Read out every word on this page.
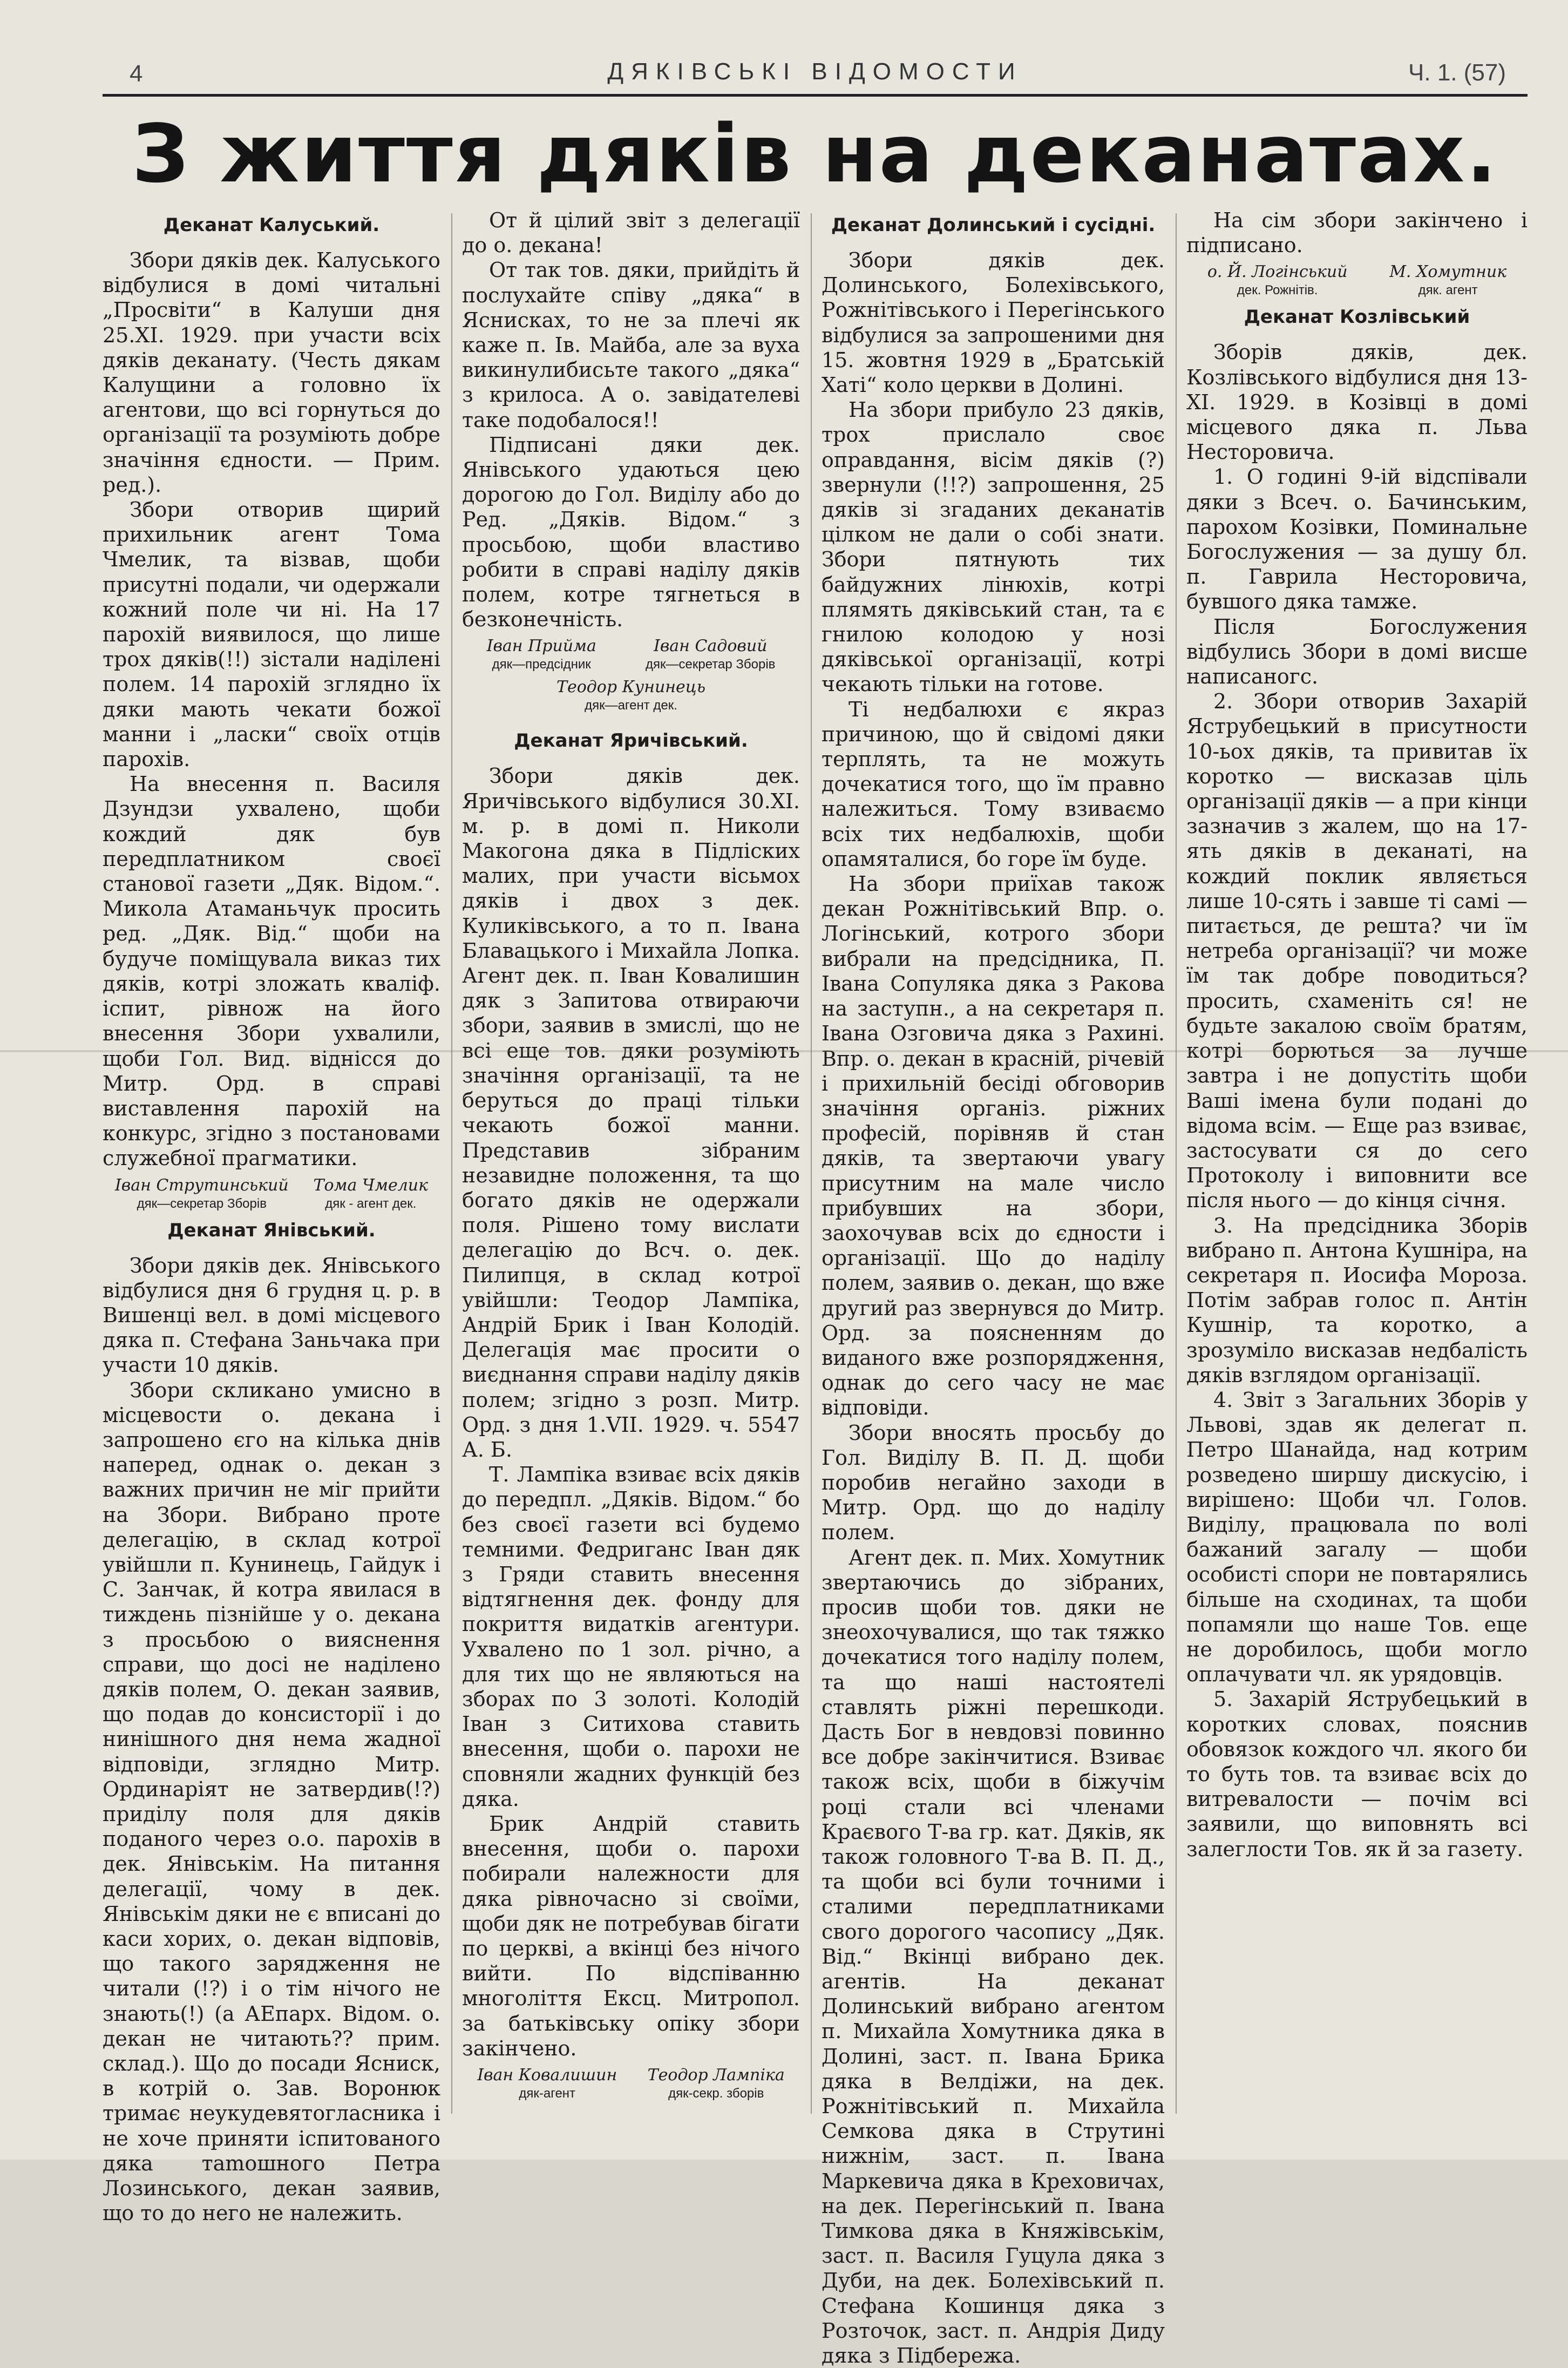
4	ДЯКІВСЬКІ ВІДОМОСТИ	Ч. 1. (57)
З життя дяків на деканатах.
Деканат Калуський.

Збори дяків дек. Калуського відбулися в домі читальні „Просвіти“ в Калуши дня 25.XI. 1929. при участи всіх дяків деканату. (Честь дякам Калущини а головно їх агентови, що всі горнуться до організації та розуміють добре значіння єдности. — Прим. ред.).

Збори отворив щирий прихильник агент Тома Чмелик, та візвав, щоби присутні подали, чи одержали кожний поле чи ні. На 17 парохій виявилося, що лише трох дяків(!!) зістали наділені полем. 14 парохій зглядно їх дяки мають чекати божої манни і „ласки“ своїх отців парохів.

На внесення п. Василя Дзундзи ухвалено, щоби кождий дяк був передплатником своєї станової газети „Дяк. Відом.“. Микола Атаманьчук просить ред. „Дяк. Від.“ щоби на будуче поміщувала виказ тих дяків, котрі зложать кваліф. іспит, рівнож на його внесення Збори ухвалили, щоби Гол. Вид. віднісся до Митр. Орд. в справі виставлення парохій на конкурс, згідно з постановами служебної прагматики.

Іван Струтинський
дяк—секретар Зборів
Тома Чмелик
дяк - агент дек.
Деканат Янівський.

Збори дяків дек. Янівського відбулися дня 6 грудня ц. р. в Вишенці вел. в домі місцевого дяка п. Стефана Заньчака при участи 10 дяків.

Збори скликано умисно в місцевости о. декана і запрошено єго на кілька днів наперед, однак о. декан з важних причин не міг прийти на Збори. Вибрано проте делегацію, в склад котрої увійшли п. Кунинець, Гайдук і С. Занчак, й котра явилася в тиждень пізнійше у о. декана з просьбою о вияснення справи, що досі не наділено дяків полем, О. декан заявив, що подав до консисторії і до нинішного дня нема жадної відповіди, зглядно Митр. Ординаріят не затвердив(!?) приділу поля для дяків поданого через о.о. парохів в дек. Янівськім. На питання делегації, чому в дек. Янівськім дяки не є вписані до каси хорих, о. декан відповів, що такого зарядження не читали (!?) і о тім нічого не знають(!) (а АЕпарх. Відом. о. декан не читають?? прим. склад.). Що до посади Ясниск, в котрій о. Зав. Воронюк тримає неукудевятогласника і не хоче приняти іспитованого дяка таmошного Петра Лозинського, декан заявив, що то до него не належить.

От й цілий звіт з делегації до о. декана!

От так тов. дяки, прийдіть й послухайте співу „дяка“ в Яснисках, то не за плечі як каже п. Ів. Майба, але за вуха викинулибисьте такого „дяка“ з крилоса. А о. завідателеві таке подобалося!!

Підписані дяки дек. Янівського удаються цею дорогою до Гол. Виділу або до Ред. „Дяків. Відом.“ з просьбою, щоби властиво робити в справі наділу дяків полем, котре тягнеться в безконечність.

Іван Прийма
дяк—предсідник
Іван Садовий
дяк—секретар Зборів
Теодор Кунинець
дяк—агент дек.
Деканат Яричівський.

Збори дяків дек. Яричівського відбулися 30.XI. м. р. в домі п. Николи Макогона дяка в Підліских малих, при участи вісьмох дяків і двох з дек. Куликівського, а то п. Івана Блавацького і Михайла Лопка. Агент дек. п. Іван Ковалишин дяк з Запитова отвираючи збори, заявив в змислі, що не всі еще тов. дяки розуміють значіння організації, та не беруться до праці тільки чекають божої манни. Представив зібраним незавидне положення, та що богато дяків не одержали поля. Рішено тому вислати делегацію до Всч. о. дек. Пилипця, в склад котрої увійшли: Теодор Лампіка, Андрій Брик і Іван Колодій. Делегація має просити о виєднання справи наділу дяків полем; згідно з розп. Митр. Орд. з дня 1.VII. 1929. ч. 5547 А. Б.

Т. Лампіка взиває всіх дяків до передпл. „Дяків. Відом.“ бо без своєї газети всі будемо темними. Федриганс Іван дяк з Гряди ставить внесення відтягнення дек. фонду для покриття видатків агентури. Ухвалено по 1 зол. річно, а для тих що не являються на зборах по 3 золоті. Колодій Іван з Ситихова ставить внесення, щоби о. парохи не сповняли жадних функцій без дяка.

Брик Андрій ставить внесення, щоби о. парохи побирали належности для дяка рівночасно зі своїми, щоби дяк не потребував бігати по церкві, а вкінці без нічого вийти. По відспіванню многоліття Ексц. Митропол. за батьківську опіку збори закінчено.

Іван Ковалишин
дяк-агент
Теодор Лампіка
дяк-секр. зборів
Деканат Долинський і сусідні.

Збори дяків дек. Долинського, Болехівського, Рожнітівського і Перегінського відбулися за запрошеними дня 15. жовтня 1929 в „Братській Хаті“ коло церкви в Долині.

На збори прибуло 23 дяків, трох прислало своє оправдання, вісім дяків (?) звернули (!!?) запрошення, 25 дяків зі згаданих деканатів цілком не дали о собі знати. Збори пятнують тих байдужних лінюхів, котрі плямять дяківський стан, та є гнилою колодою у нозі дяківської організації, котрі чекають тільки на готове.

Ті недбалюхи є якраз причиною, що й свідомі дяки терплять, та не можуть дочекатися того, що їм правно належиться. Тому взиваємо всіх тих недбалюхів, щоби опамяталися, бо горе їм буде.

На збори приїхав також декан Рожнітівський Впр. о. Логінський, котрого збори вибрали на предсідника, П. Івана Сопуляка дяка з Ракова на заступн., а на секретаря п. Івана Озговича дяка з Рахині. Впр. о. декан в красній, річевій і прихильній бесіді обговорив значіння організ. ріжних професій, порівняв й стан дяків, та звертаючи увагу присутним на мале число прибувших на збори, заохочував всіх до єдности і організації. Що до наділу полем, заявив о. декан, що вже другий раз звернувся до Митр. Орд. за поясненням до виданого вже розпорядження, однак до сего часу не має відповіди.

Збори вносять просьбу до Гол. Виділу В. П. Д. щоби поробив негайно заходи в Митр. Орд. що до наділу полем.

Агент дек. п. Мих. Хомутник звертаючись до зібраних, просив щоби тов. дяки не знеохочувалися, що так тяжко дочекатися того наділу полем, та що наші настоятелі ставлять ріжні перешкоди. Дасть Бог в невдовзі повинно все добре закінчитися. Взиває також всіх, щоби в біжучім році стали всі членами Краєвого Т-ва гр. кат. Дяків, як також головного Т-ва В. П. Д., та щоби всі були точними і сталими передплатниками свого дорогого часопису „Дяк. Від.“ Вкінці вибрано дек. агентів. На деканат Долинський вибрано агентом п. Михайла Хомутника дяка в Долині, заст. п. Івана Брика дяка в Велдіжи, на дек. Рожнітівський п. Михайла Семкова дяка в Струтині нижнім, заст. п. Івана Маркевича дяка в Креховичах, на дек. Перегінський п. Івана Тимкова дяка в Княжівськім, заст. п. Василя Гуцула дяка з Дуби, на дек. Болехівський п. Стефана Кошинця дяка з Розточок, заст. п. Андрія Диду дяка з Підбережа.

На сім збори закінчено і підписано.

о. Й. Логінський
дек. Рожнітів.
М. Хомутник
дяк. агент
Деканат Козлівський

Зборів дяків, дек. Козлівського відбулися дня 13-XI. 1929. в Козівці в домі місцевого дяка п. Льва Несторовича.

1. О годині 9-ій відспівали дяки з Всеч. о. Бачинським, парохом Козівки, Поминальне Богослужения — за душу бл. п. Гаврила Несторовича, бувшого дяка тамже.

Після Богослужения відбулись Збори в домі висше написаногс.

2. Збори отворив Захарій Яструбецький в присутности 10-ьох дяків, та привитав їх коротко — висказав ціль організації дяків — а при кінци зазначив з жалем, що на 17-ять дяків в деканаті, на кождий поклик являється лише 10-сять і завше ті самі — питається, де решта? чи їм нетреба організації? чи може їм так добре поводиться? просить, схаменіть ся! не будьте закалою своїм братям, котрі борються за лучше завтра і не допустіть щоби Ваші імена були подані до відома всім. — Еще раз взиває, застосувати ся до сего Протоколу і виповнити все після нього — до кінця січня.

3. На предсідника Зборів вибрано п. Антона Кушніра, на секретаря п. Иосифа Мороза. Потім забрав голос п. Антін Кушнір, та коротко, а зрозуміло висказав недбалість дяків взглядом організації.

4. Звіт з Загальних Зборів у Львові, здав як делегат п. Петро Шанайда, над котрим розведено ширшу дискусію, і вирішено: Щоби чл. Голов. Виділу, працювала по волі бажаний загалу — щоби особисті спори не повтарялись більше на сходинах, та щоби попамяли що наше Тов. еще не доробилось, щоби могло оплачувати чл. як урядовців.

5. Захарій Яструбецький в коротких словах, пояснив обовязок кождого чл. якого би то буть тов. та взиває всіх до витревалости — почім всі заявили, що виповнять всі залеглости Тов. як й за газету.
